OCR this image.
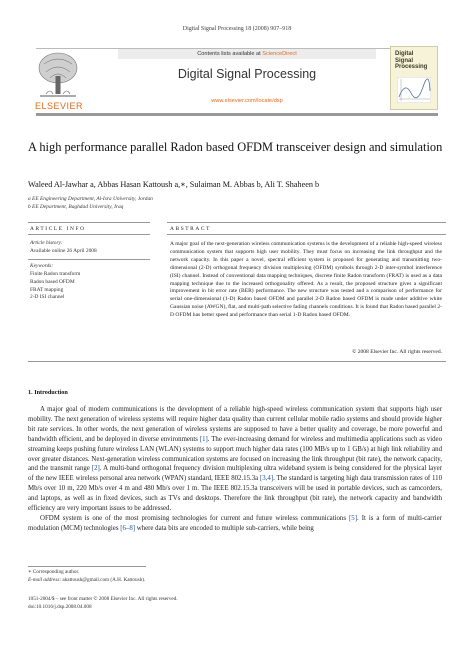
Digital Signal Processing 18 (2008) 907–918
ELSEVIER
Contents lists available at ScienceDirect
Digital Signal Processing
www.elsevier.com/locate/dsp
Digital
Signal
Processing
A high performance parallel Radon based OFDM transceiver design and simulation
Waleed Al-Jawhar a, Abbas Hasan Kattoush a,∗, Sulaiman M. Abbas b, Ali T. Shaheen b
a EE Engineering Department, Al-Isra University, Jordan
b EE Department, Baghdad University, Iraq
ARTICLE INFO
Article history:
Available online 26 April 2008
Keywords:
Finite Radon transform
Radon based OFDM
FRAT mapping
2-D ISI channel
ABSTRACT
A major goal of the next-generation wireless communication systems is the development of a reliable high-speed wireless communication system that supports high user mobility. They must focus on increasing the link throughput and the network capacity. In this paper a novel, spectral efficient system is proposed for generating and transmitting two-dimensional (2-D) orthogonal frequency division multiplexing (OFDM) symbols through 2-D inter-symbol interference (ISI) channel. Instead of conventional data mapping techniques, discrete finite Radon transform (FRAT) is used as a data mapping technique due to the increased orthogonality offered. As a result, the proposed structure gives a significant improvement in bit error rate (BER) performance. The new structure was tested and a comparison of performance for serial one-dimensional (1-D) Radon based OFDM and parallel 2-D Radon based OFDM is made under additive white Gaussian noise (AWGN), flat, and multi-path selective fading channels conditions. It is found that Radon based parallel 2-D OFDM has better speed and performance than serial 1-D Radon based OFDM.
© 2008 Elsevier Inc. All rights reserved.
1. Introduction

A major goal of modern communications is the development of a reliable high-speed wireless communication system that supports high user mobility. The next generation of wireless systems will require higher data quality than current cellular mobile radio systems and should provide higher bit rate services. In other words, the next generation of wireless systems are supposed to have a better quality and coverage, be more powerful and bandwidth efficient, and be deployed in diverse environments [1]. The ever-increasing demand for wireless and multimedia applications such as video streaming keeps pushing future wireless LAN (WLAN) systems to support much higher data rates (100 MB/s up to 1 GB/s) at high link reliability and over greater distances. Next-generation wireless communication systems are focused on increasing the link throughput (bit rate), the network capacity, and the transmit range [2]. A multi-band orthogonal frequency division multiplexing ultra wideband system is being considered for the physical layer of the new IEEE wireless personal area network (WPAN) standard, IEEE 802.15.3a [3,4]. The standard is targeting high data transmission rates of 110 Mb/s over 10 m, 220 Mb/s over 4 m and 480 Mb/s over 1 m. The IEEE 802.15.3a transceivers will be used in portable devices, such as camcorders, and laptops, as well as in fixed devices, such as TVs and desktops. Therefore the link throughput (bit rate), the network capacity and bandwidth efficiency are very important issues to be addressed.

OFDM system is one of the most promising technologies for current and future wireless communications [5]. It is a form of multi-carrier modulation (MCM) technologies [6–8] where data bits are encoded to multiple sub-carriers, while being

∗ Corresponding author.
E-mail address: akattoush@gmail.com (A.H. Kattoush).
1051-2004/$ – see front matter © 2008 Elsevier Inc. All rights reserved.
doi:10.1016/j.dsp.2008.04.008
